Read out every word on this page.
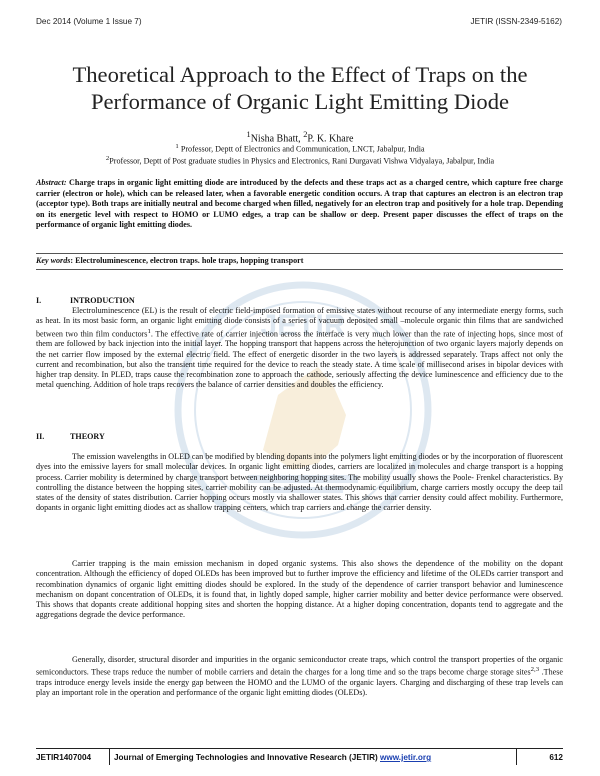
Dec 2014 (Volume 1 Issue 7)	JETIR (ISSN-2349-5162)
JETIR
Theoretical Approach to the Effect of Traps on the
Performance of Organic Light Emitting Diode
$^1$Nisha Bhatt, $^2$P. K. Khare
$^1$ Professor, Deptt of Electronics and Communication, LNCT, Jabalpur, India
$^2$Professor, Deptt of Post graduate studies in Physics and Electronics, Rani Durgavati Vishwa Vidyalaya, Jabalpur, India

Abstract: Charge traps in organic light emitting diode are introduced by the defects and these traps act as a charged centre, which capture free charge carrier (electron or hole), which can be released later, when a favorable energetic condition occurs. A trap that captures an electron is an electron trap (acceptor type). Both traps are initially neutral and become charged when filled, negatively for an electron trap and positively for a hole trap. Depending on its energetic level with respect to HOMO or LUMO edges, a trap can be shallow or deep. Present paper discusses the effect of traps on the performance of organic light emitting diodes.

Key words: Electroluminescence, electron traps. hole traps, hopping transport

I.	INTRODUCTION

Electroluminescence (EL) is the result of electric field-imposed formation of emissive states without recourse of any intermediate energy forms, such as heat. In its most basic form, an organic light emitting diode consists of a series of vacuum deposited small –molecule organic thin films that are sandwiched between two thin film conductors$^1$. The effective rate of carrier injection across the interface is very much lower than the rate of injecting hops, since most of them are followed by back injection into the initial layer. The hopping transport that happens across the heterojunction of two organic layers majorly depends on the net carrier flow imposed by the external electric field. The effect of energetic disorder in the two layers is addressed separately. Traps affect not only the current and recombination, but also the transient time required for the device to reach the steady state. A time scale of millisecond arises in bipolar devices with higher trap density. In PLED, traps cause the recombination zone to approach the cathode, seriously affecting the device luminescence and efficiency due to the metal quenching. Addition of hole traps recovers the balance of carrier densities and doubles the efficiency.

II.	THEORY

The emission wavelengths in OLED can be modified by blending dopants into the polymers light emitting diodes or by the incorporation of fluorescent dyes into the emissive layers for small molecular devices. In organic light emitting diodes, carriers are localized in molecules and charge transport is a hopping process. Carrier mobility is determined by charge transport between neighboring hopping sites. The mobility usually shows the Poole- Frenkel characteristics. By controlling the distance between the hopping sites, carrier mobility can be adjusted. At thermodynamic equilibrium, charge carriers mostly occupy the deep tail states of the density of states distribution. Carrier hopping occurs mostly via shallower states. This shows that carrier density could affect mobility. Furthermore, dopants in organic light emitting diodes act as shallow trapping centers, which trap carriers and change the carrier density.

Carrier trapping is the main emission mechanism in doped organic systems. This also shows the dependence of the mobility on the dopant concentration. Although the efficiency of doped OLEDs has been improved but to further improve the efficiency and lifetime of the OLEDs carrier transport and recombination dynamics of organic light emitting diodes should be explored. In the study of the dependence of carrier transport behavior and luminescence mechanism on dopant concentration of OLEDs, it is found that, in lightly doped sample, higher carrier mobility and better device performance were observed. This shows that dopants create additional hopping sites and shorten the hopping distance. At a higher doping concentration, dopants tend to aggregate and the aggregations degrade the device performance.

Generally, disorder, structural disorder and impurities in the organic semiconductor create traps, which control the transport properties of the organic semiconductors. These traps reduce the number of mobile carriers and detain the charges for a long time and so the traps become charge storage sites$^{2,3}$ .These traps introduce energy levels inside the energy gap between the HOMO and the LUMO of the organic layers. Charging and discharging of these trap levels can play an important role in the operation and performance of the organic light emitting diodes (OLEDs).

JETIR1407004	Journal of Emerging Technologies and Innovative Research (JETIR) www.jetir.org	612
